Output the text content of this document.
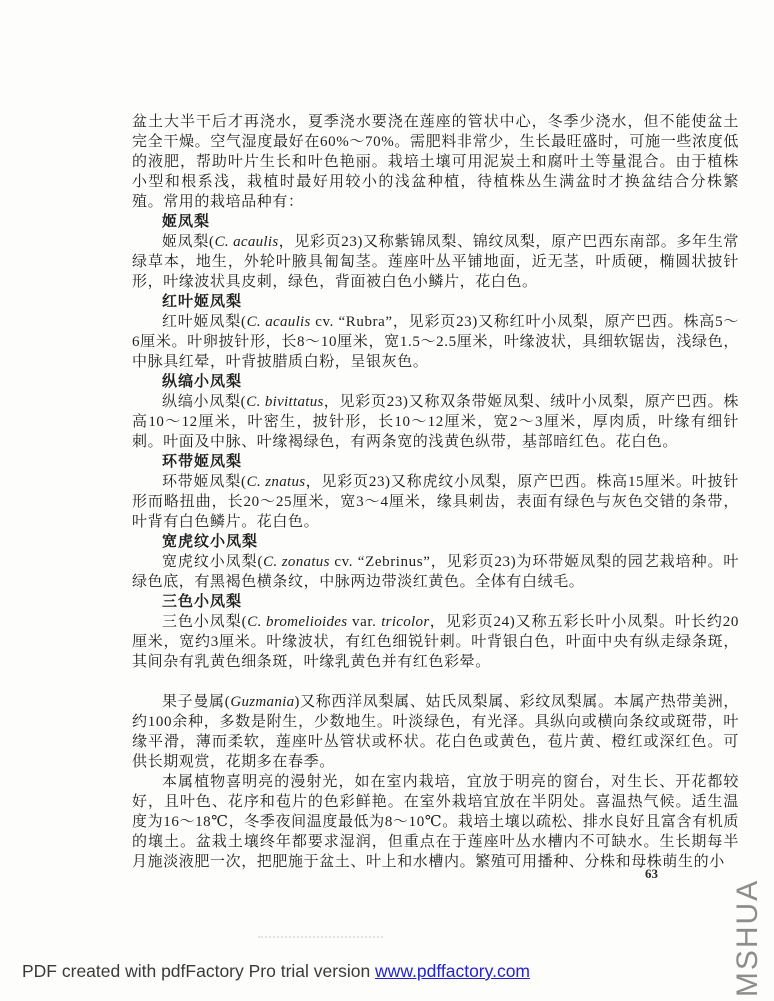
盆土大半干后才再浇水，夏季浇水要浇在莲座的管状中心，冬季少浇水，但不能使盆土完全干燥。空气湿度最好在60%～70%。需肥料非常少，生长最旺盛时，可施一些浓度低的液肥，帮助叶片生长和叶色艳丽。栽培土壤可用泥炭土和腐叶土等量混合。由于植株小型和根系浅，栽植时最好用较小的浅盆种植，待植株丛生满盆时才换盆结合分株繁殖。常用的栽培品种有：

姬凤梨

姬凤梨(C. acaulis，见彩页23)又称紫锦凤梨、锦纹凤梨，原产巴西东南部。多年生常绿草本，地生，外轮叶腋具匍匐茎。莲座叶丛平铺地面，近无茎，叶质硬，椭圆状披针形，叶缘波状具皮刺，绿色，背面被白色小鳞片，花白色。

红叶姬凤梨

红叶姬凤梨(C. acaulis cv. “Rubra”，见彩页23)又称红叶小凤梨，原产巴西。株高5～6厘米。叶卵披针形，长8～10厘米，宽1.5～2.5厘米，叶缘波状，具细软锯齿，浅绿色，中脉具红晕，叶背披腊质白粉，呈银灰色。

纵缟小凤梨

纵缟小凤梨(C. bivittatus，见彩页23)又称双条带姬凤梨、绒叶小凤梨，原产巴西。株高10～12厘米，叶密生，披针形，长10～12厘米，宽2～3厘米，厚肉质，叶缘有细针刺。叶面及中脉、叶缘褐绿色，有两条宽的浅黄色纵带，基部暗红色。花白色。

环带姬凤梨

环带姬凤梨(C. znatus，见彩页23)又称虎纹小凤梨，原产巴西。株高15厘米。叶披针形而略扭曲，长20～25厘米，宽3～4厘米，缘具刺齿，表面有绿色与灰色交错的条带，叶背有白色鳞片。花白色。

宽虎纹小凤梨

宽虎纹小凤梨(C. zonatus cv. “Zebrinus”，见彩页23)为环带姬凤梨的园艺栽培种。叶绿色底，有黑褐色横条纹，中脉两边带淡红黄色。全体有白绒毛。

三色小凤梨

三色小凤梨(C. bromelioides var. tricolor，见彩页24)又称五彩长叶小凤梨。叶长约20厘米，宽约3厘米。叶缘波状，有红色细锐针刺。叶背银白色，叶面中央有纵走绿条斑，其间杂有乳黄色细条斑，叶缘乳黄色并有红色彩晕。

果子曼属(Guzmania)又称西洋凤梨属、姑氏凤梨属、彩纹凤梨属。本属产热带美洲，约100余种，多数是附生，少数地生。叶淡绿色，有光泽。具纵向或横向条纹或斑带，叶缘平滑，薄而柔软，莲座叶丛管状或杯状。花白色或黄色，苞片黄、橙红或深红色。可供长期观赏，花期多在春季。

本属植物喜明亮的漫射光，如在室内栽培，宜放于明亮的窗台，对生长、开花都较好，且叶色、花序和苞片的色彩鲜艳。在室外栽培宜放在半阴处。喜温热气候。适生温度为16～18℃，冬季夜间温度最低为8～10℃。栽培土壤以疏松、排水良好且富含有机质的壤土。盆栽土壤终年都要求湿润，但重点在于莲座叶丛水槽内不可缺水。生长期每半月施淡液肥一次，把肥施于盆土、叶上和水槽内。繁殖可用播种、分株和母株萌生的小

63
MSHUA
PDF created with pdfFactory Pro trial version www.pdffactory.com
